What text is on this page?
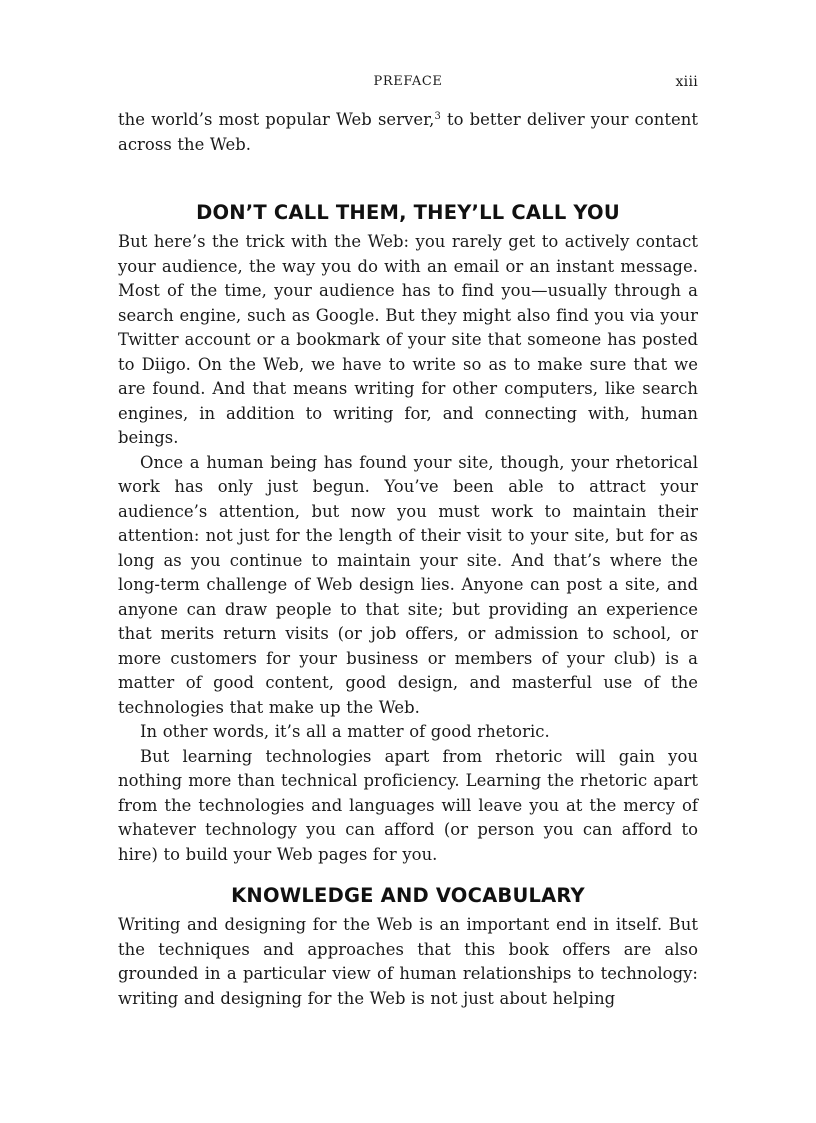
PREFACE	xiii

the world’s most popular Web server,$^3$ to better deliver your content across the Web.

DON’T CALL THEM, THEY’LL CALL YOU

But here’s the trick with the Web: you rarely get to actively contact your audience, the way you do with an email or an instant message. Most of the time, your audience has to find you—usually through a search engine, such as Google. But they might also find you via your Twitter account or a bookmark of your site that someone has posted to Diigo. On the Web, we have to write so as to make sure that we are found. And that means writing for other computers, like search engines, in addition to writing for, and connecting with, human beings.

Once a human being has found your site, though, your rhetorical work has only just begun. You’ve been able to attract your audience’s attention, but now you must work to maintain their attention: not just for the length of their visit to your site, but for as long as you continue to maintain your site. And that’s where the long-term challenge of Web design lies. Anyone can post a site, and anyone can draw people to that site; but providing an experience that merits return visits (or job offers, or admission to school, or more customers for your business or members of your club) is a matter of good content, good design, and masterful use of the technologies that make up the Web.

In other words, it’s all a matter of good rhetoric.

But learning technologies apart from rhetoric will gain you nothing more than technical proficiency. Learning the rhetoric apart from the technologies and languages will leave you at the mercy of whatever technology you can afford (or person you can afford to hire) to build your Web pages for you.

KNOWLEDGE AND VOCABULARY

Writing and designing for the Web is an important end in itself. But the techniques and approaches that this book offers are also grounded in a particular view of human relationships to technology: writing and designing for the Web is not just about helping
